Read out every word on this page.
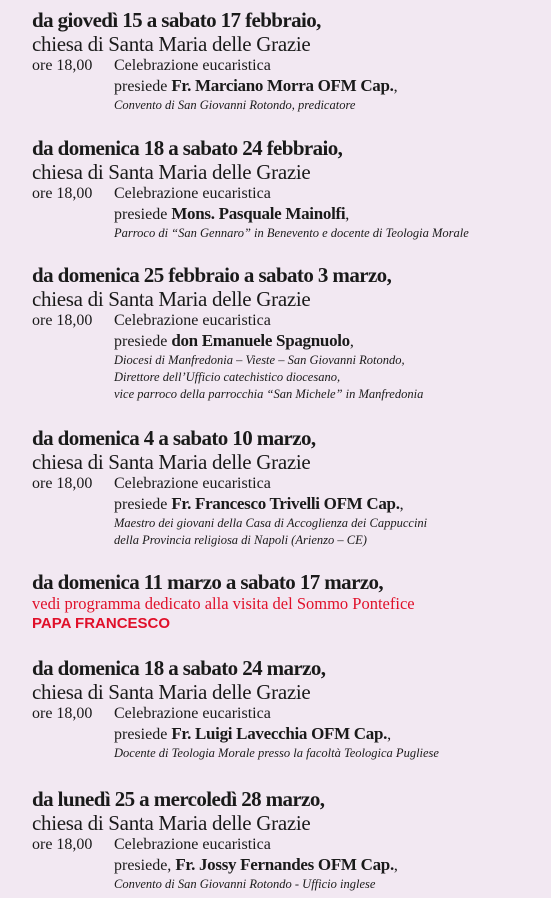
da giovedì 15 a sabato 17 febbraio,
chiesa di Santa Maria delle Grazie
ore 18,00	Celebrazione eucaristica
presiede Fr. Marciano Morra OFM Cap.,
Convento di San Giovanni Rotondo, predicatore
da domenica 18 a sabato 24 febbraio,
chiesa di Santa Maria delle Grazie
ore 18,00	Celebrazione eucaristica
presiede Mons. Pasquale Mainolfi,
Parroco di “San Gennaro” in Benevento e docente di Teologia Morale
da domenica 25 febbraio a sabato 3 marzo,
chiesa di Santa Maria delle Grazie
ore 18,00	Celebrazione eucaristica
presiede don Emanuele Spagnuolo,
Diocesi di Manfredonia – Vieste – San Giovanni Rotondo,
Direttore dell’Ufficio catechistico diocesano,
vice parroco della parrocchia “San Michele” in Manfredonia
da domenica 4 a sabato 10 marzo,
chiesa di Santa Maria delle Grazie
ore 18,00	Celebrazione eucaristica
presiede Fr. Francesco Trivelli OFM Cap.,
Maestro dei giovani della Casa di Accoglienza dei Cappuccini
della Provincia religiosa di Napoli (Arienzo – CE)
da domenica 11 marzo a sabato 17 marzo,
vedi programma dedicato alla visita del Sommo Pontefice
PAPA FRANCESCO
da domenica 18 a sabato 24 marzo,
chiesa di Santa Maria delle Grazie
ore 18,00	Celebrazione eucaristica
presiede Fr. Luigi Lavecchia OFM Cap.,
Docente di Teologia Morale presso la facoltà Teologica Pugliese
da lunedì 25 a mercoledì 28 marzo,
chiesa di Santa Maria delle Grazie
ore 18,00	Celebrazione eucaristica
presiede, Fr. Jossy Fernandes OFM Cap.,
Convento di San Giovanni Rotondo - Ufficio inglese
